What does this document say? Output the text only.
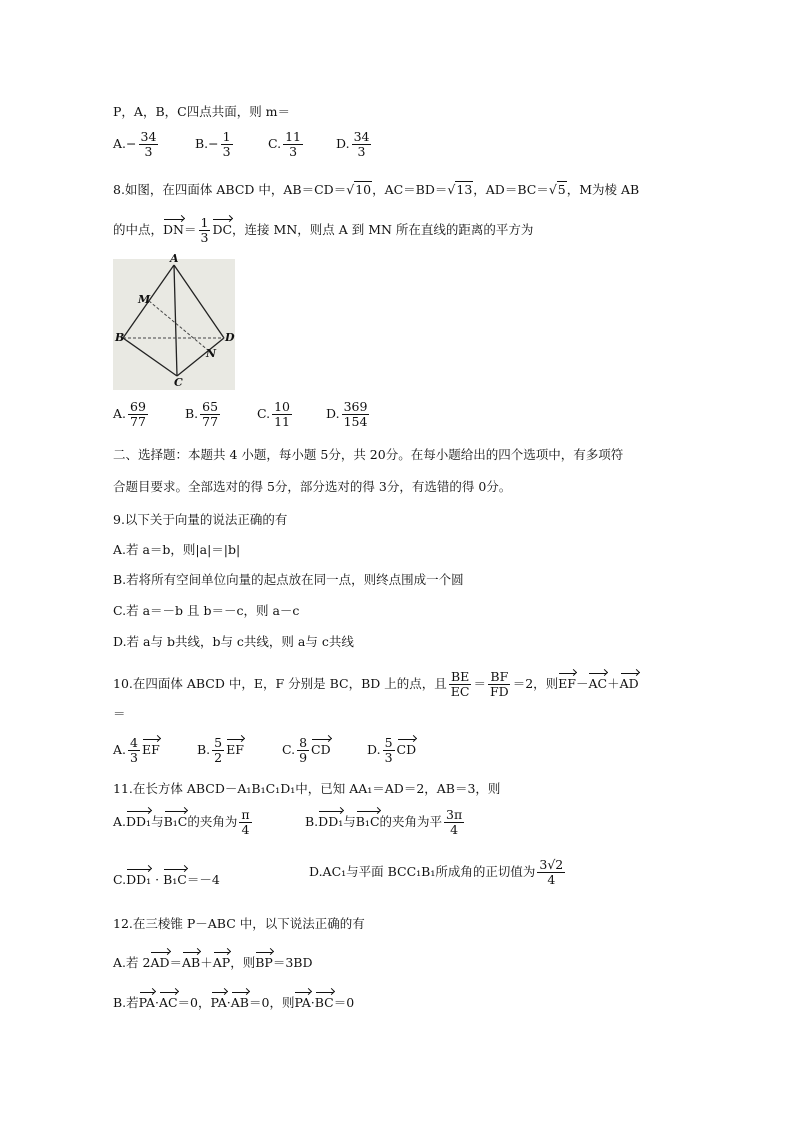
P，A，B，C四点共面，则 m＝
$A.- \frac{34}{3}$	$B.- \frac{1}{3}$	C. $\frac{11}{3}$	D. $\frac{34}{3}$
8.如图，在四面体 ABCD 中，AB＝CD＝√10，AC＝BD＝√13，AD＝BC＝√5，M为棱 AB
的中点，$DN= \frac{1}{3}$ DC，连接 MN，则点 A 到 MN 所在直线的距离的平方为
A
M
B	D
N
C
A. $\frac{69}{77}$	B. $\frac{65}{77}$	C. $\frac{10}{11}$	D. $\frac{369}{154}$
二、选择题：本题共 4 小题，每小题 5分，共 20分。在每小题给出的四个选项中，有多项符
合题目要求。全部选对的得 5分，部分选对的得 3分，有选错的得 0分。
9.以下关于向量的说法正确的有
A.若 a＝b，则|a|＝|b|
B.若将所有空间单位向量的起点放在同一点，则终点围成一个圆
C.若 a＝－b 且 b＝－c，则 a－c
D.若 a与 b共线，b与 c共线，则 a与 c共线
10.在四面体 ABCD 中，E，F 分别是 BC，BD 上的点，且 $\frac{BE}{EC} = \frac{BF}{FD} =2$，则EF－AC＋AD
＝
A. $\frac{4}{3}$ EF	B. $\frac{5}{2}$ EF	C. $\frac{8}{9}$ CD	D. $\frac{5}{3}$ CD
11.在长方体 ABCD－A₁B₁C₁D₁中，已知 AA₁＝AD＝2，AB＝3，则
A.DD₁与B₁C的夹角为 $\frac{\pi}{4}$	B.DD₁与B₁C的夹角为平 $\frac{3\pi}{4}$
C.DD₁ · B₁C＝－4
D.AC₁与平面 BCC₁B₁所成角的正切值为 $\frac{3√2}{4}$
12.在三棱锥 P－ABC 中，以下说法正确的有
A.若 2AD＝AB＋AP，则BP＝3BD
B.若PA·AC＝0，PA·AB＝0，则PA·BC＝0
